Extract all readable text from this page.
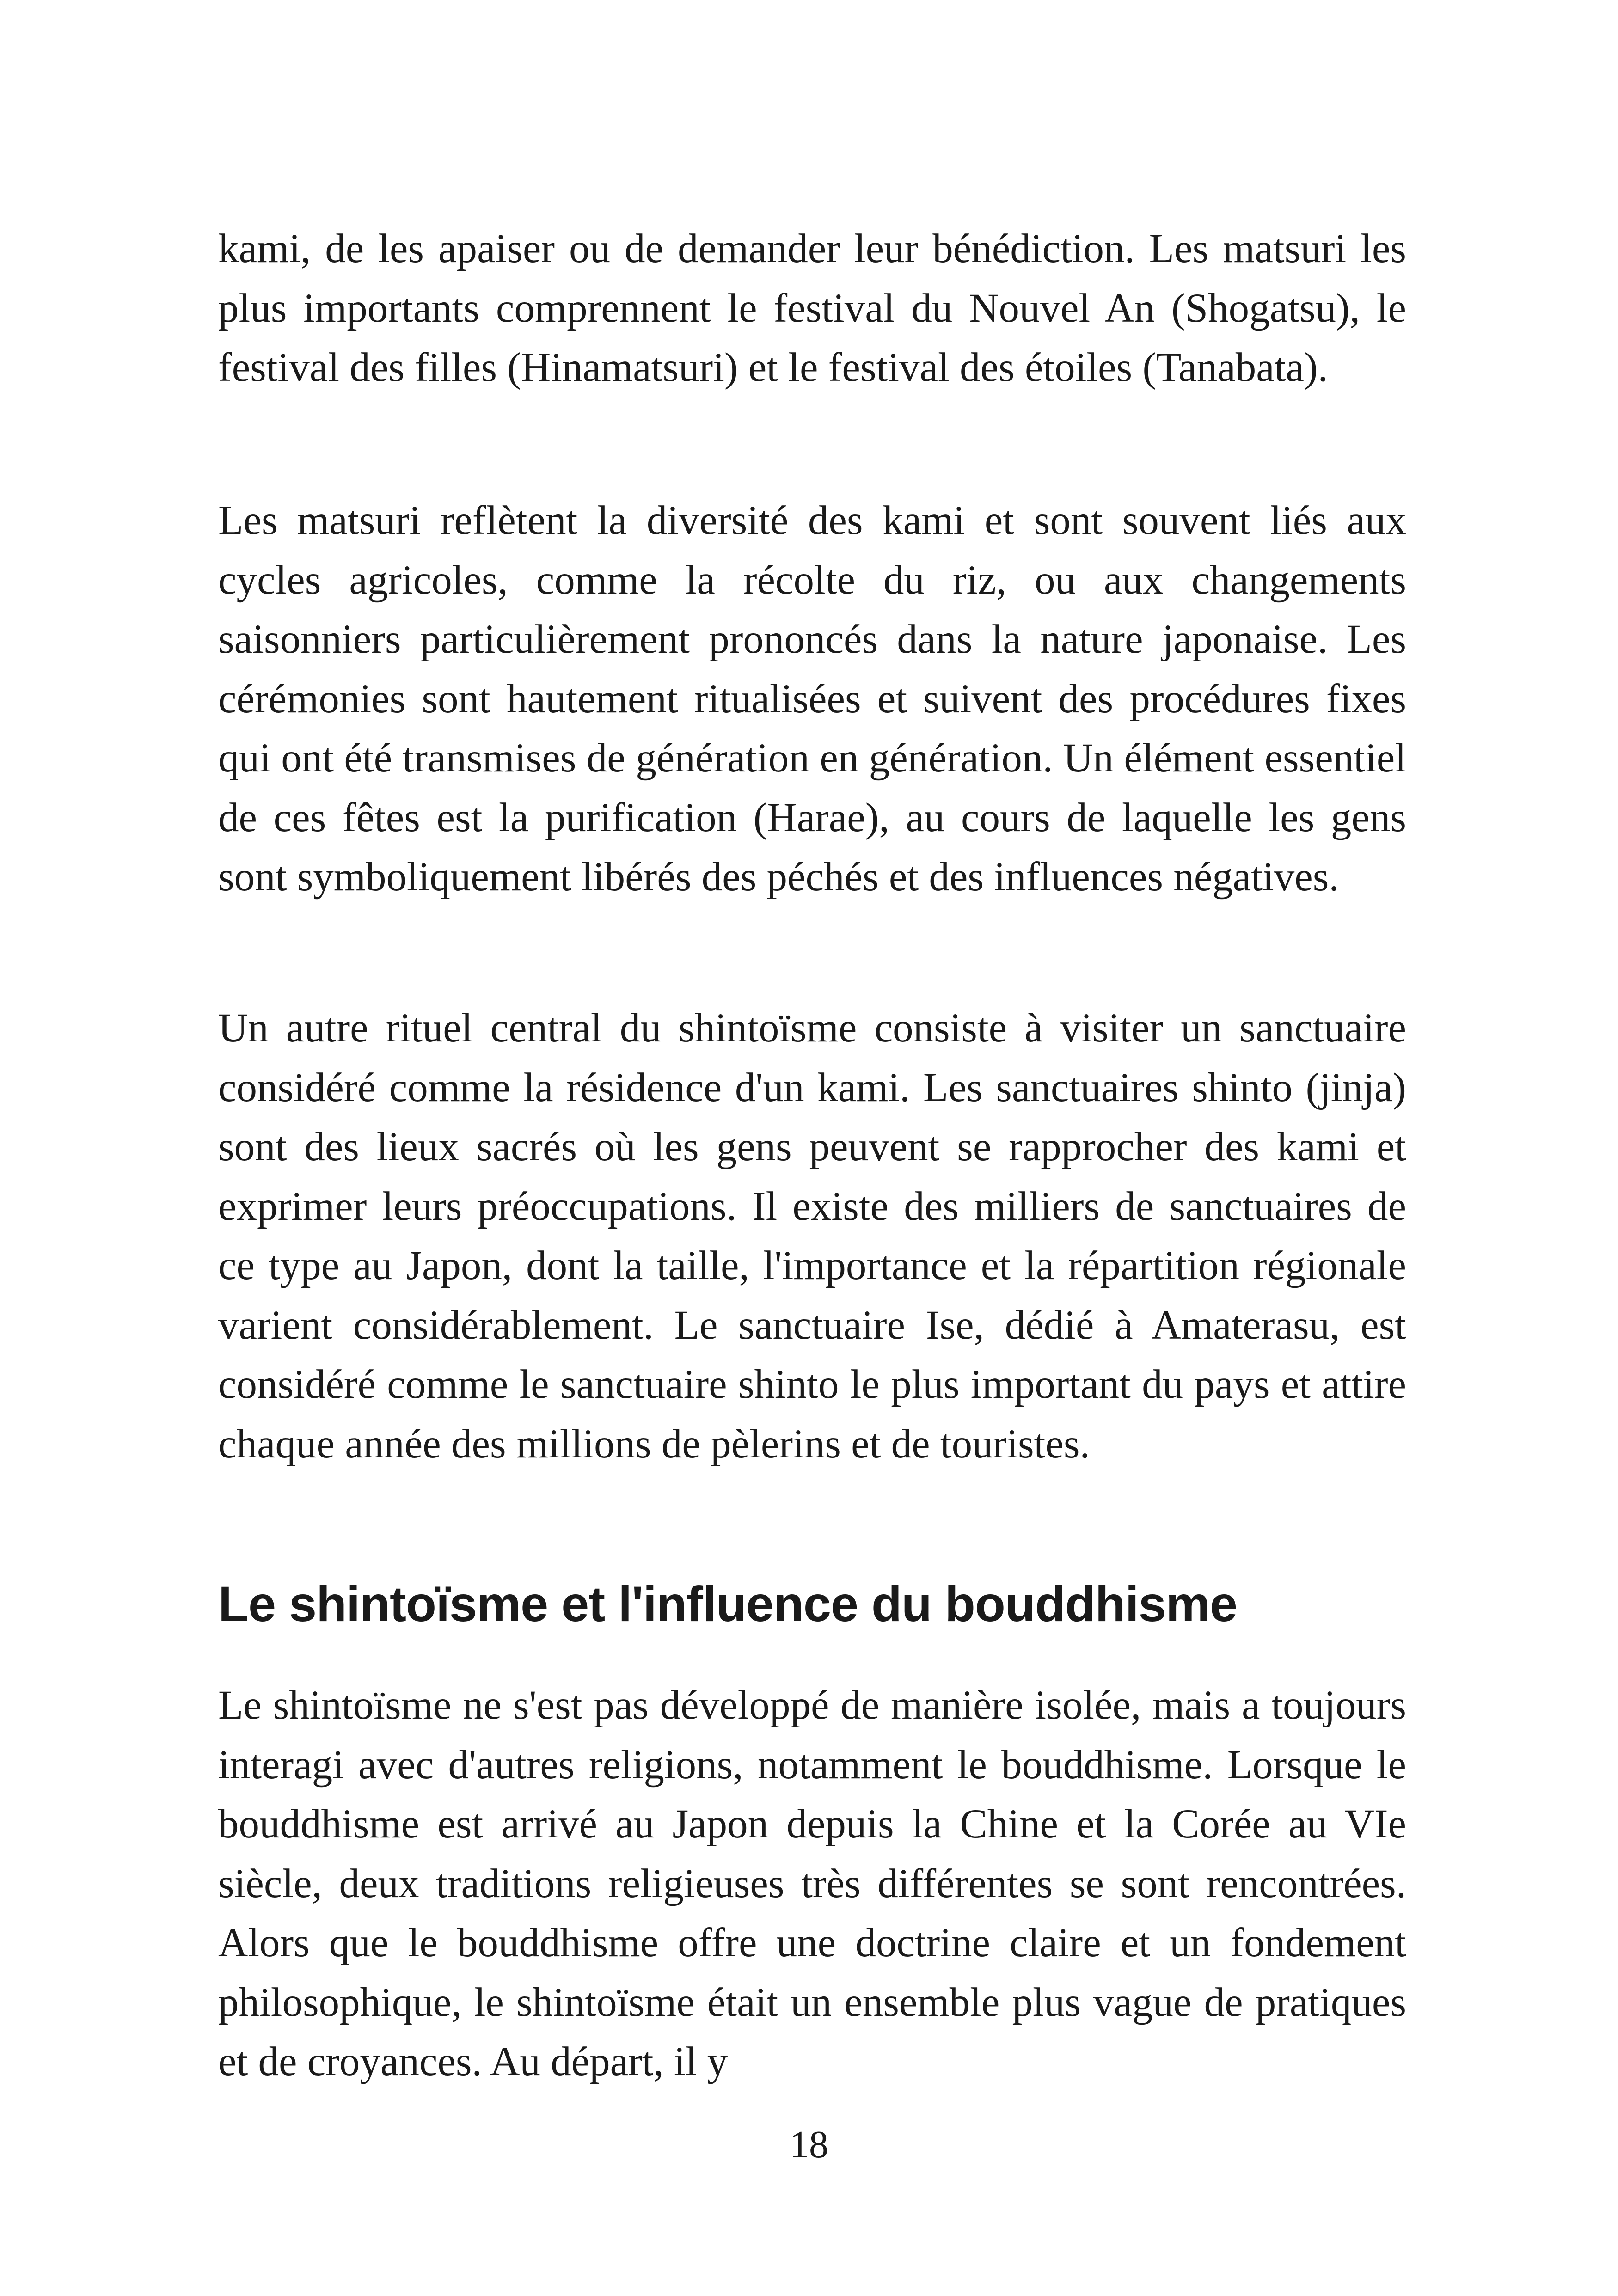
kami, de les apaiser ou de demander leur bénédiction. Les matsuri les plus importants comprennent le festival du Nouvel An (Shogatsu), le festival des filles (Hinamatsuri) et le festival des étoiles (Tanabata).

Les matsuri reflètent la diversité des kami et sont souvent liés aux cycles agricoles, comme la récolte du riz, ou aux changements saisonniers particulièrement prononcés dans la nature japonaise. Les cérémonies sont hautement ritualisées et suivent des procédures fixes qui ont été transmises de génération en génération. Un élément essentiel de ces fêtes est la purification (Harae), au cours de laquelle les gens sont symboliquement libérés des péchés et des influences négatives.

Un autre rituel central du shintoïsme consiste à visiter un sanctuaire considéré comme la résidence d'un kami. Les sanctuaires shinto (jinja) sont des lieux sacrés où les gens peuvent se rapprocher des kami et exprimer leurs préoccupations. Il existe des milliers de sanctuaires de ce type au Japon, dont la taille, l'importance et la répartition régionale varient considérablement. Le sanctuaire Ise, dédié à Amaterasu, est considéré comme le sanctuaire shinto le plus important du pays et attire chaque année des millions de pèlerins et de touristes.

Le shintoïsme et l'influence du bouddhisme

Le shintoïsme ne s'est pas développé de manière isolée, mais a toujours interagi avec d'autres religions, notamment le bouddhisme. Lorsque le bouddhisme est arrivé au Japon depuis la Chine et la Corée au VIe siècle, deux traditions religieuses très différentes se sont rencontrées. Alors que le bouddhisme offre une doctrine claire et un fondement philosophique, le shintoïsme était un ensemble plus vague de pratiques et de croyances. Au départ, il y

18
